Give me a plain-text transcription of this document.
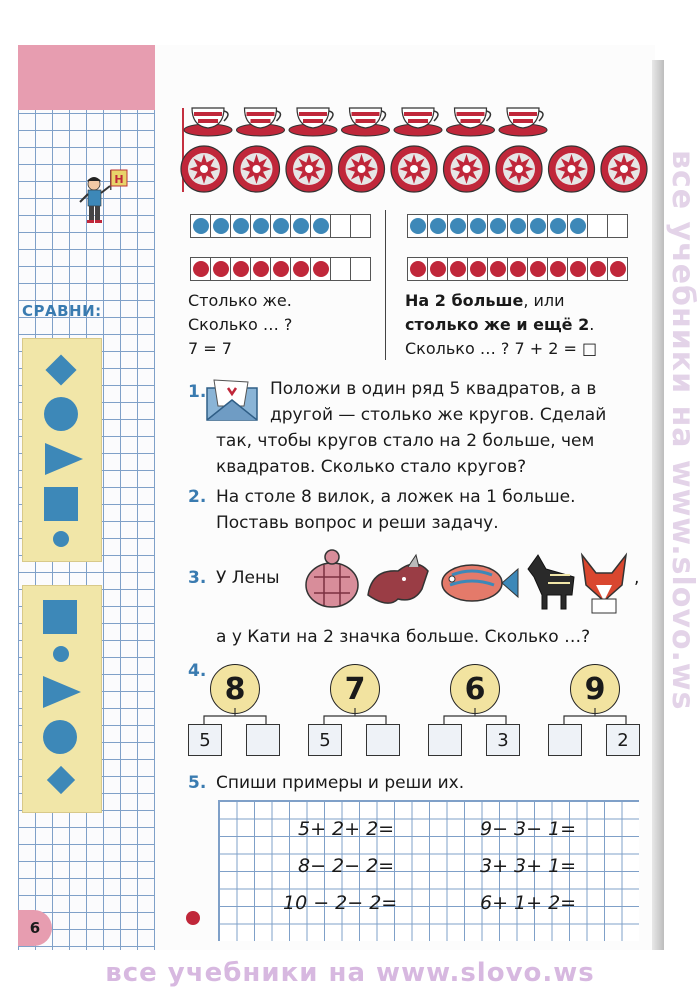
все учебники на www.slovo.ws
Н
СРАВНИ:
6
Столько же.
Сколько … ?
7 = 7
На 2 больше, или
столько же и ещё 2.
Сколько … ? 7 + 2 = □
1.	Положи в один ряд 5 квадратов, а в
другой — столько же кругов. Сделай
так, чтобы кругов стало на 2 больше, чем
квадратов. Сколько стало кругов?
2. На столе 8 вилок, а ложек на 1 больше.
Поставь вопрос и реши задачу.
3. У Лены	,
а у Кати на 2 значка больше. Сколько …?
4.
8
5
7
5
6
3
9
2
5. Спиши примеры и реши их.
5+ 2+ 2=
8− 2− 2=
10 − 2− 2=
9− 3− 1=
3+ 3+ 1=
6+ 1+ 2=
все учебники на www.slovo.ws
